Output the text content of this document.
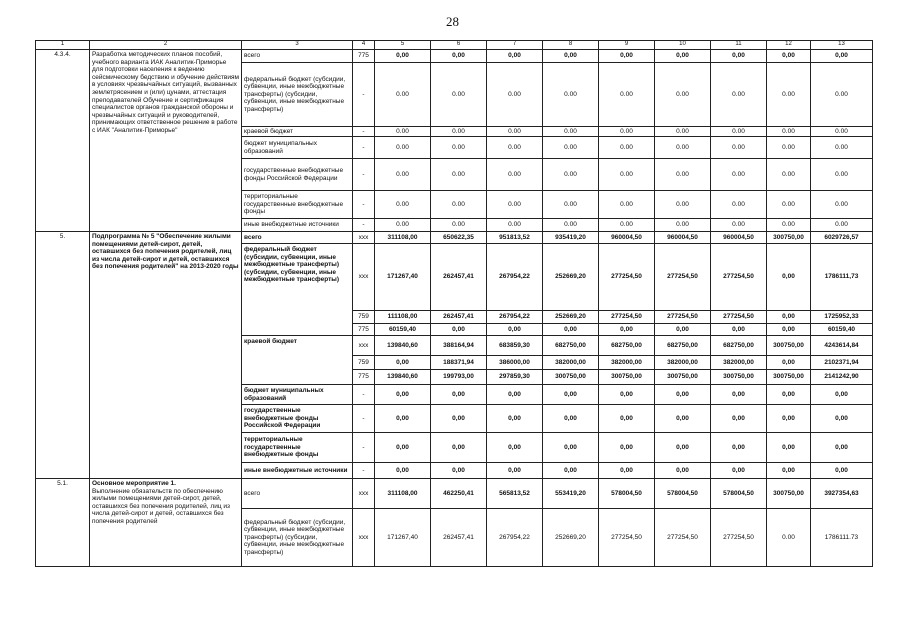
28
1	2	3	4	5	6	7	8	9	10	11	12	13
4.3.4.	Разработка методических планов пособий, учебного варианта ИАК Аналитик-Приморье для подготовки населения к ведению сейсмическому бедствию и обучение действиям в условиях чрезвычайных ситуаций, вызванных землетрясением и (или) цунами, аттестация преподавателей Обучение и сертификация специалистов органов гражданской обороны и чрезвычайных ситуаций и руководителей, принимающих ответственное решение в работе с ИАК "Аналитик-Приморье"	всего	775	0,00	0,00	0,00	0,00	0,00	0,00	0,00	0,00	0,00
		федеральный бюджет (субсидии, субвенции, иные межбюджетные трансферты) (субсидии, субвенции, иные межбюджетные трансферты)	-	0.00	0.00	0.00	0.00	0.00	0.00	0.00	0.00	0.00
		краевой бюджет	-	0.00	0.00	0.00	0.00	0.00	0.00	0.00	0.00	0.00
		бюджет муниципальных образований	-	0.00	0.00	0.00	0.00	0.00	0.00	0.00	0.00	0.00
		государственные внебюджетные фонды Российской Федерации	-	0.00	0.00	0.00	0.00	0.00	0.00	0.00	0.00	0.00
		территориальные государственные внебюджетные фонды	-	0.00	0.00	0.00	0.00	0.00	0.00	0.00	0.00	0.00
		иные внебюджетные источники	-	0.00	0.00	0.00	0.00	0.00	0.00	0.00	0.00	0.00
5.	Подпрограмма № 5 "Обеспечение жилыми помещениями детей-сирот, детей, оставшихся без попечения родителей, лиц из числа детей-сирот и детей, оставшихся без попечения родителей" на 2013-2020 годы	всего	ххх	311108,00	650622,35	951813,52	935419,20	960004,50	960004,50	960004,50	300750,00	6029726,57
		федеральный бюджет (субсидии, субвенции, иные межбюджетные трансферты) (субсидии, субвенции, иные межбюджетные трансферты)	ххх	171267,40	262457,41	267954,22	252669,20	277254,50	277254,50	277254,50	0,00	1786111,73
			759	111108,00	262457,41	267954,22	252669,20	277254,50	277254,50	277254,50	0,00	1725952,33
			775	60159,40	0,00	0,00	0,00	0,00	0,00	0,00	0,00	60159,40
		краевой бюджет	ххх	139840,60	388164,94	683859,30	682750,00	682750,00	682750,00	682750,00	300750,00	4243614,84
			759	0,00	188371,94	386000,00	382000,00	382000,00	382000,00	382000,00	0,00	2102371,94
			775	139840,60	199793,00	297859,30	300750,00	300750,00	300750,00	300750,00	300750,00	2141242,90
		бюджет муниципальных образований	-	0,00	0,00	0,00	0,00	0,00	0,00	0,00	0,00	0,00
		государственные внебюджетные фонды Российской Федерации	-	0,00	0,00	0,00	0,00	0,00	0,00	0,00	0,00	0,00
		территориальные государственные внебюджетные фонды	-	0,00	0,00	0,00	0,00	0,00	0,00	0,00	0,00	0,00
		иные внебюджетные источники	-	0,00	0,00	0,00	0,00	0,00	0,00	0,00	0,00	0,00
5.1.	Основное мероприятие 1.
Выполнение обязательств по обеспечению жилыми помещениями детей-сирот, детей, оставшихся без попечения родителей, лиц из числа детей-сирот и детей, оставшихся без попечения родителей	всего	ххх	311108,00	462250,41	565813,52	553419,20	578004,50	578004,50	578004,50	300750,00	3927354,63
		федеральный бюджет (субсидии, субвенции, иные межбюджетные трансферты) (субсидии, субвенции, иные межбюджетные трансферты)	ххх	171267,40	262457,41	267954,22	252669,20	277254,50	277254,50	277254,50	0.00	1786111.73
